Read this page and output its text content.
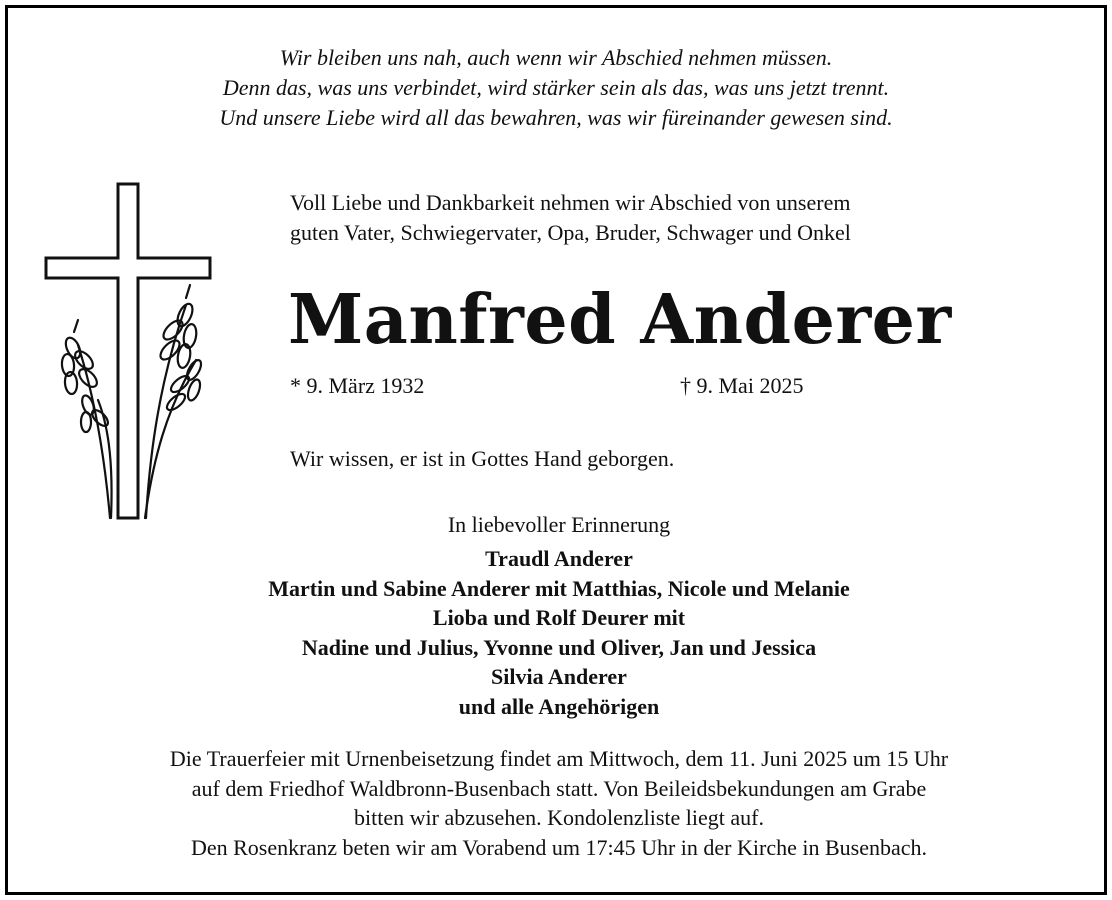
Wir bleiben uns nah, auch wenn wir Abschied nehmen müssen.
Denn das, was uns verbindet, wird stärker sein als das, was uns jetzt trennt.
Und unsere Liebe wird all das bewahren, was wir füreinander gewesen sind.
Voll Liebe und Dankbarkeit nehmen wir Abschied von unserem
guten Vater, Schwiegervater, Opa, Bruder, Schwager und Onkel
Manfred Anderer
* 9. März 1932	† 9. Mai 2025
Wir wissen, er ist in Gottes Hand geborgen.
In liebevoller Erinnerung
Traudl Anderer
Martin und Sabine Anderer mit Matthias, Nicole und Melanie
Lioba und Rolf Deurer mit
Nadine und Julius, Yvonne und Oliver, Jan und Jessica
Silvia Anderer
und alle Angehörigen
Die Trauerfeier mit Urnenbeisetzung findet am Mittwoch, dem 11. Juni 2025 um 15 Uhr
auf dem Friedhof Waldbronn-Busenbach statt. Von Beileidsbekundungen am Grabe
bitten wir abzusehen. Kondolenzliste liegt auf.
Den Rosenkranz beten wir am Vorabend um 17:45 Uhr in der Kirche in Busenbach.
